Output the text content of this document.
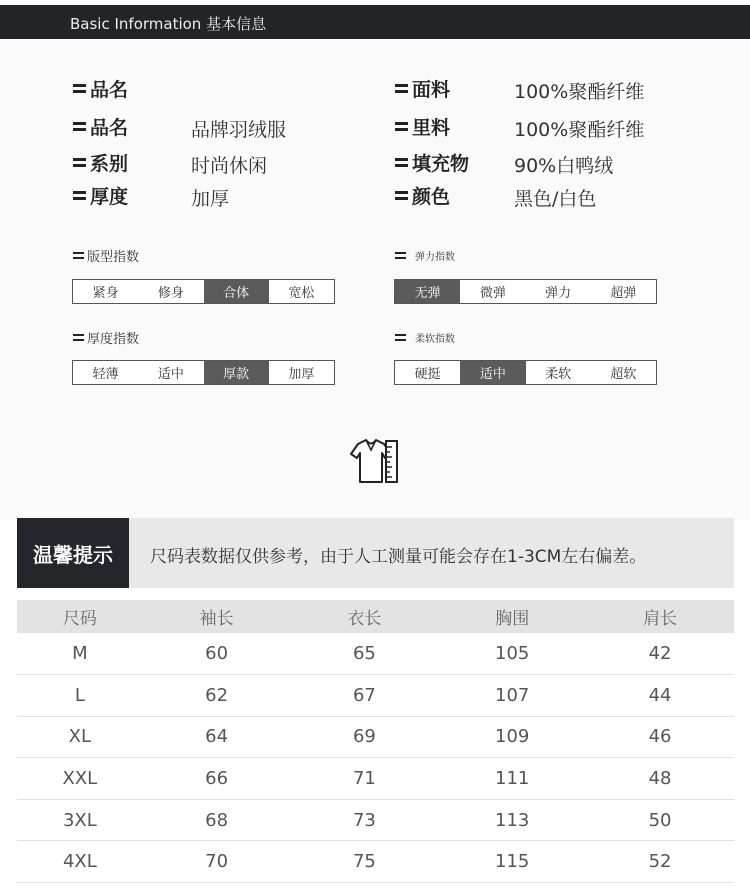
Basic Information 基本信息
品名
品名	品牌羽绒服
系别	时尚休闲
厚度	加厚
面料	100%聚酯纤维
里料	100%聚酯纤维
填充物 90%白鸭绒
颜色	黑色/白色
版型指数
紧身	修身	合体	宽松
弹力指数
无弹	微弹	弹力	超弹
厚度指数
轻薄	适中	厚款	加厚
柔软指数
硬挺	适中	柔软	超软
温馨提示	尺码表数据仅供参考，由于人工测量可能会存在1-3CM左右偏差。
尺码	袖长	衣长	胸围	肩长
M	60	65	105	42
L	62	67	107	44
XL	64	69	109	46
XXL	66	71	111	48
3XL	68	73	113	50
4XL	70	75	115	52
